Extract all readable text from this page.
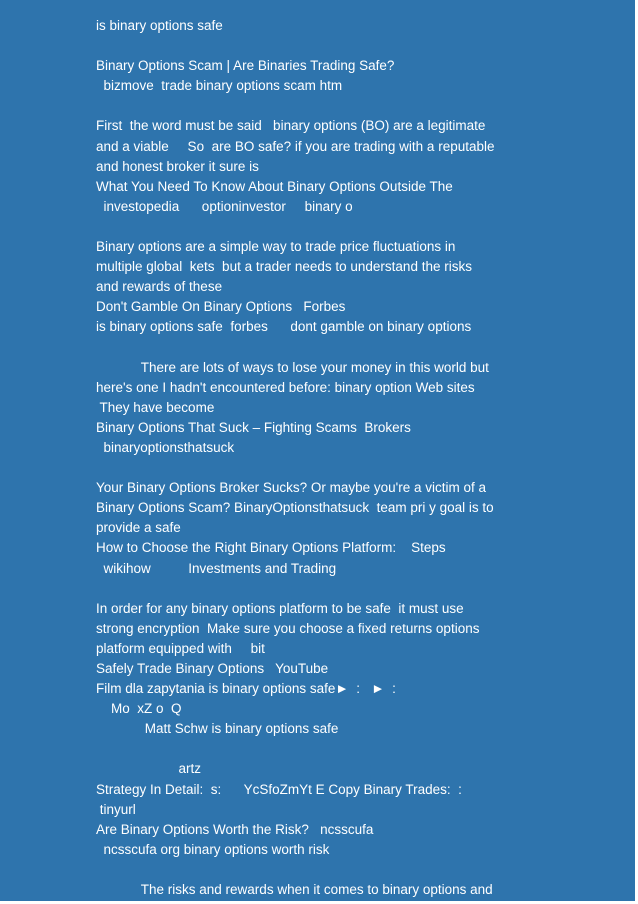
is binary options safe
Binary Options Scam | Are Binaries Trading Safe?
bizmove  trade binary options scam htm
First  the word must be said   binary options (BO) are a legitimate
and a viable     So  are BO safe? if you are trading with a reputable
and honest broker it sure is
What You Need To Know About Binary Options Outside The
investopedia      optioninvestor     binary o
Binary options are a simple way to trade price fluctuations in
multiple global  kets  but a trader needs to understand the risks
and rewards of these
Don't Gamble On Binary Options   Forbes
is binary options safe  forbes      dont gamble on binary options
There are lots of ways to lose your money in this world but
here's one I hadn't encountered before: binary option Web sites
They have become
Binary Options That Suck – Fighting Scams  Brokers
binaryoptionsthatsuck
Your Binary Options Broker Sucks? Or maybe you're a victim of a
Binary Options Scam? BinaryOptionsthatsuck  team pri y goal is to
provide a safe
How to Choose the Right Binary Options Platform:    Steps
wikihow          Investments and Trading
In order for any binary options platform to be safe  it must use
strong encryption  Make sure you choose a fixed returns options
platform equipped with     bit
Safely Trade Binary Options   YouTube
Film dla zapytania is binary options safe►  :   ►  :
Mo  xZ o  Q
Matt Schw is binary options safe
artz
Strategy In Detail:  s:      YcSfoZmYt E Copy Binary Trades:  :
tinyurl
Are Binary Options Worth the Risk?   ncsscufa
ncsscufa org binary options worth risk
The risks and rewards when it comes to binary options and
